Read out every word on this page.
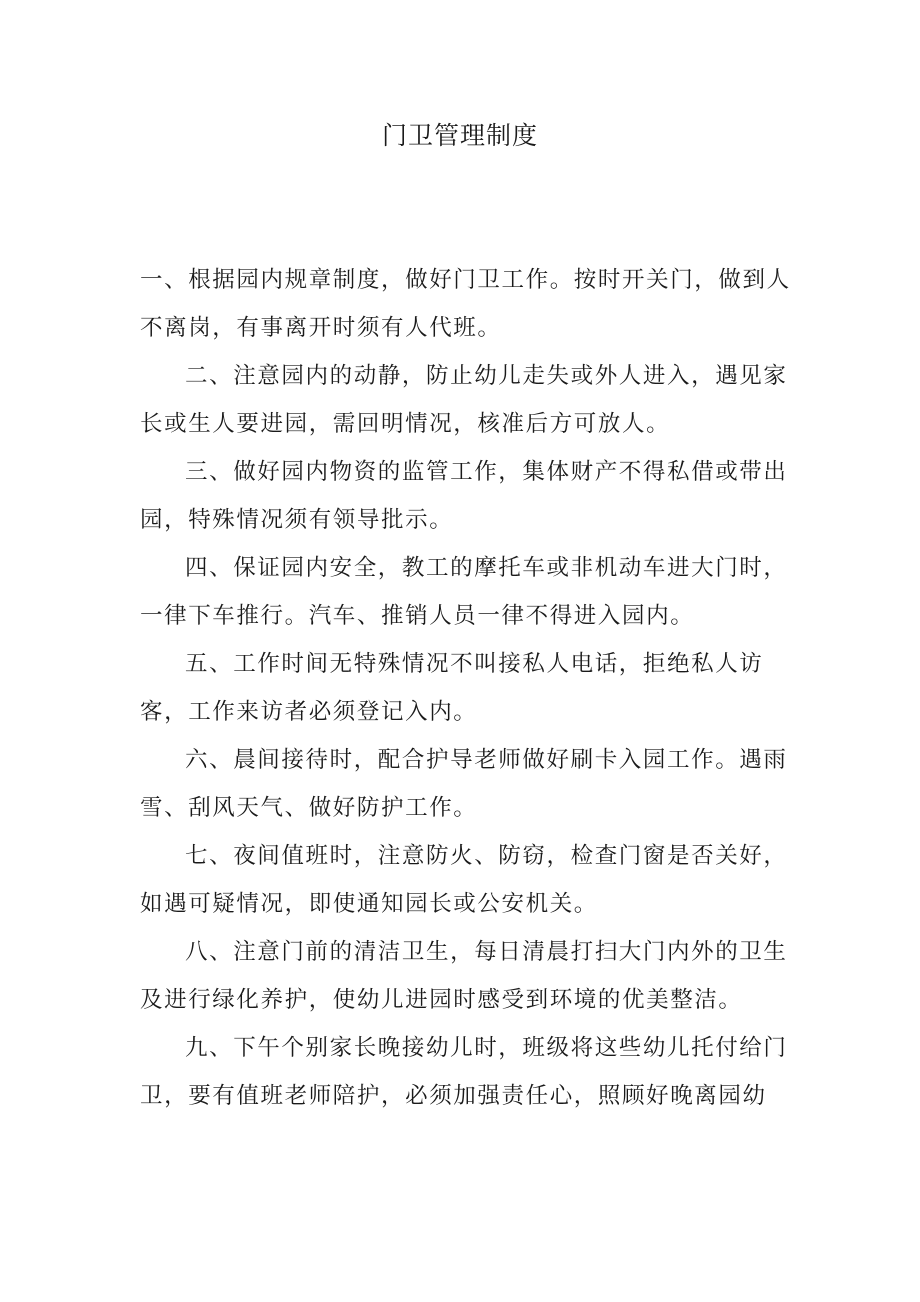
门卫管理制度

一、根据园内规章制度，做好门卫工作。按时开关门，做到人不离岗，有事离开时须有人代班。

二、注意园内的动静，防止幼儿走失或外人进入，遇见家长或生人要进园，需回明情况，核准后方可放人。

三、做好园内物资的监管工作，集体财产不得私借或带出园，特殊情况须有领导批示。

四、保证园内安全，教工的摩托车或非机动车进大门时，一律下车推行。汽车、推销人员一律不得进入园内。

五、工作时间无特殊情况不叫接私人电话，拒绝私人访客，工作来访者必须登记入内。

六、晨间接待时，配合护导老师做好刷卡入园工作。遇雨雪、刮风天气、做好防护工作。

七、夜间值班时，注意防火、防窃，检查门窗是否关好，如遇可疑情况，即使通知园长或公安机关。

八、注意门前的清洁卫生，每日清晨打扫大门内外的卫生及进行绿化养护，使幼儿进园时感受到环境的优美整洁。

九、下午个别家长晚接幼儿时，班级将这些幼儿托付给门卫，要有值班老师陪护，必须加强责任心，照顾好晚离园幼
